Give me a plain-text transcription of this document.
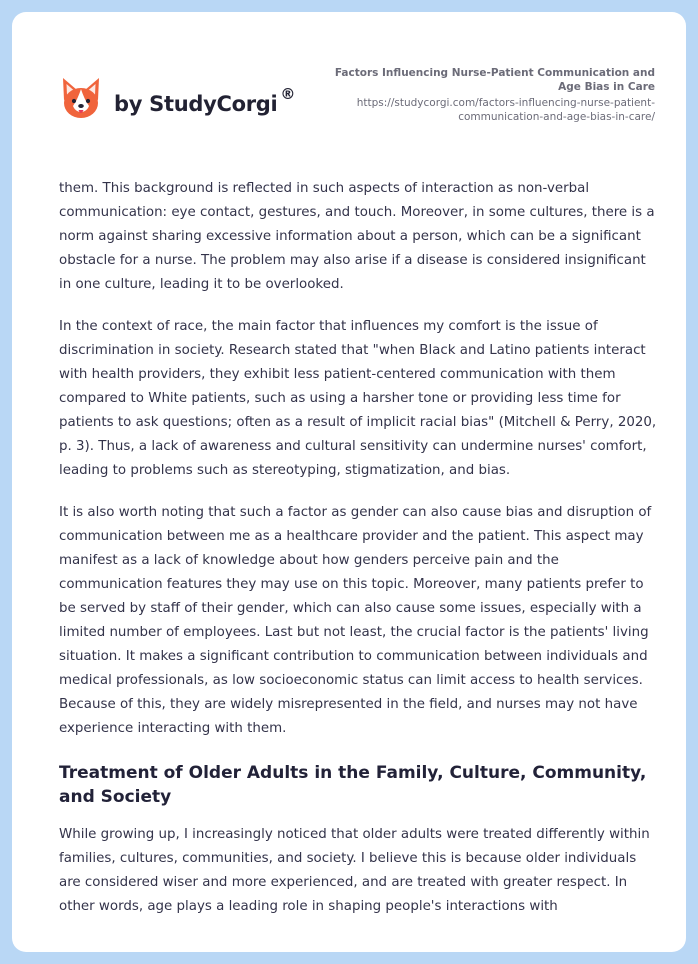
by StudyCorgi ®
Factors Influencing Nurse-Patient Communication and Age Bias in Care
https://studycorgi.com/factors-influencing-nurse-patient-communication-and-age-bias-in-care/

them. This background is reflected in such aspects of interaction as non-verbal communication: eye contact, gestures, and touch. Moreover, in some cultures, there is a norm against sharing excessive information about a person, which can be a significant obstacle for a nurse. The problem may also arise if a disease is considered insignificant in one culture, leading it to be overlooked.

In the context of race, the main factor that influences my comfort is the issue of discrimination in society. Research stated that "when Black and Latino patients interact with health providers, they exhibit less patient-centered communication with them compared to White patients, such as using a harsher tone or providing less time for patients to ask questions; often as a result of implicit racial bias" (Mitchell & Perry, 2020, p. 3). Thus, a lack of awareness and cultural sensitivity can undermine nurses' comfort, leading to problems such as stereotyping, stigmatization, and bias.

It is also worth noting that such a factor as gender can also cause bias and disruption of communication between me as a healthcare provider and the patient. This aspect may manifest as a lack of knowledge about how genders perceive pain and the communication features they may use on this topic. Moreover, many patients prefer to be served by staff of their gender, which can also cause some issues, especially with a limited number of employees. Last but not least, the crucial factor is the patients' living situation. It makes a significant contribution to communication between individuals and medical professionals, as low socioeconomic status can limit access to health services. Because of this, they are widely misrepresented in the field, and nurses may not have experience interacting with them.

Treatment of Older Adults in the Family, Culture, Community, and Society

While growing up, I increasingly noticed that older adults were treated differently within families, cultures, communities, and society. I believe this is because older individuals are considered wiser and more experienced, and are treated with greater respect. In other words, age plays a leading role in shaping people's interactions with
